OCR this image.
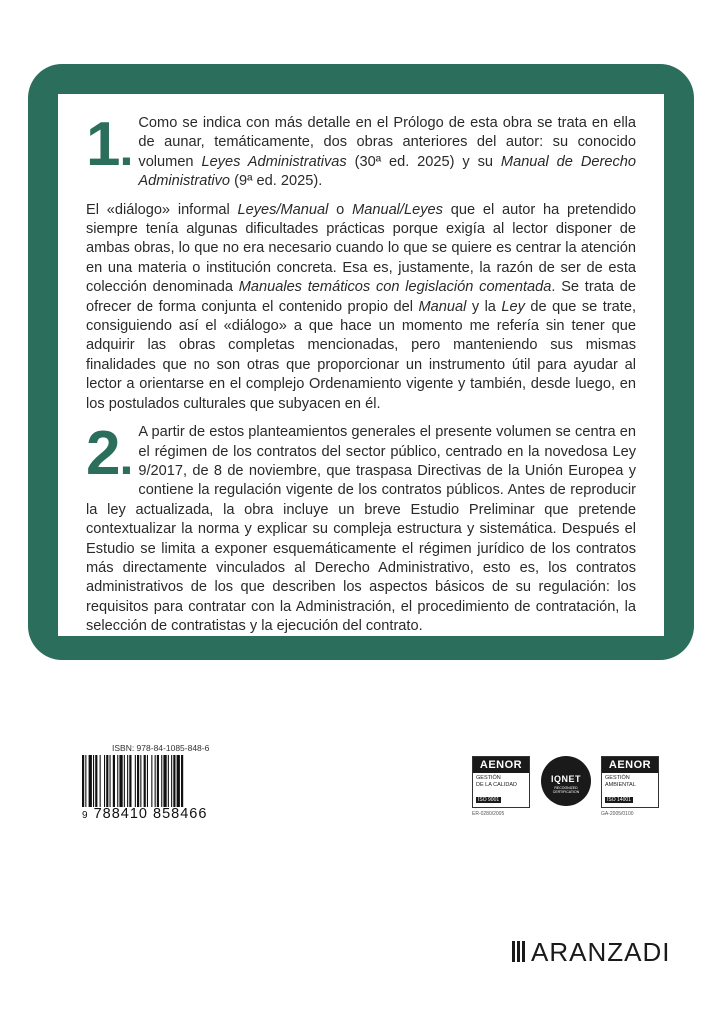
1. Como se indica con más detalle en el Prólogo de esta obra se trata en ella de aunar, temáticamente, dos obras anteriores del autor: su conocido volumen Leyes Administrativas (30ª ed. 2025) y su Manual de Derecho Administrativo (9ª ed. 2025).

El «diálogo» informal Leyes/Manual o Manual/Leyes que el autor ha pretendido siempre tenía algunas dificultades prácticas porque exigía al lector disponer de ambas obras, lo que no era necesario cuando lo que se quiere es centrar la atención en una materia o institución concreta. Esa es, justamente, la razón de ser de esta colección denominada Manuales temáticos con legislación comentada. Se trata de ofrecer de forma conjunta el contenido propio del Manual y la Ley de que se trate, consiguiendo así el «diálogo» a que hace un momento me refería sin tener que adquirir las obras completas mencionadas, pero manteniendo sus mismas finalidades que no son otras que proporcionar un instrumento útil para ayudar al lector a orientarse en el complejo Ordenamiento vigente y también, desde luego, en los postulados culturales que subyacen en él.

2. A partir de estos planteamientos generales el presente volumen se centra en el régimen de los contratos del sector público, centrado en la novedosa Ley 9/2017, de 8 de noviembre, que traspasa Directivas de la Unión Europea y contiene la regulación vigente de los contratos públicos. Antes de reproducir la ley actualizada, la obra incluye un breve Estudio Preliminar que pretende contextualizar la norma y explicar su compleja estructura y sistemática. Después el Estudio se limita a exponer esquemáticamente el régimen jurídico de los contratos más directamente vinculados al Derecho Administrativo, esto es, los contratos administrativos de los que describen los aspectos básicos de su regulación: los requisitos para contratar con la Administración, el procedimiento de contratación, la selección de contratistas y la ejecución del contrato.

ISBN: 978-84-1085-848-6
9 788410 858466
AENOR
GESTIÓN
DE LA CALIDAD
ISO 9001
ER-0280/2005
IQNET
RECOGNIZED CERTIFICATION
AENOR
GESTIÓN
AMBIENTAL
ISO 14001
GA-2005/0100
ARANZADI
